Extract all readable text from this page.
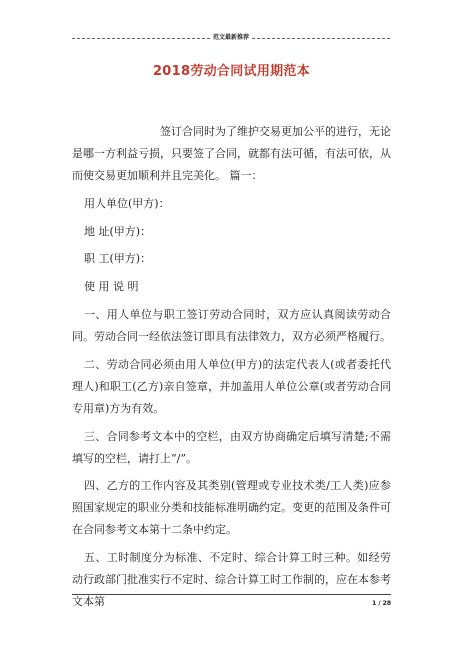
范文最新推荐
2018劳动合同试用期范本

签订合同时为了维护交易更加公平的进行，无论是哪一方利益亏损，只要签了合同，就都有法可循，有法可依，从而使交易更加顺利并且完美化。 篇一：

用人单位(甲方)：

地 址(甲方)：

职 工(甲方)：

使 用 说 明

一、用人单位与职工签订劳动合同时，双方应认真阅读劳动合同。劳动合同一经依法签订即具有法律效力，双方必须严格履行。

二、劳动合同必须由用人单位(甲方)的法定代表人(或者委托代理人)和职工(乙方)亲自签章，并加盖用人单位公章(或者劳动合同专用章)方为有效。

三、合同参考文本中的空栏，由双方协商确定后填写清楚;不需填写的空栏，请打上“/”。

四、乙方的工作内容及其类别(管理或专业技术类/工人类)应参照国家规定的职业分类和技能标准明确约定。变更的范围及条件可在合同参考文本第十二条中约定。

五、工时制度分为标准、不定时、综合计算工时三种。如经劳动行政部门批准实行不定时、综合计算工时工作制的，应在本参考文本第	1 / 28
